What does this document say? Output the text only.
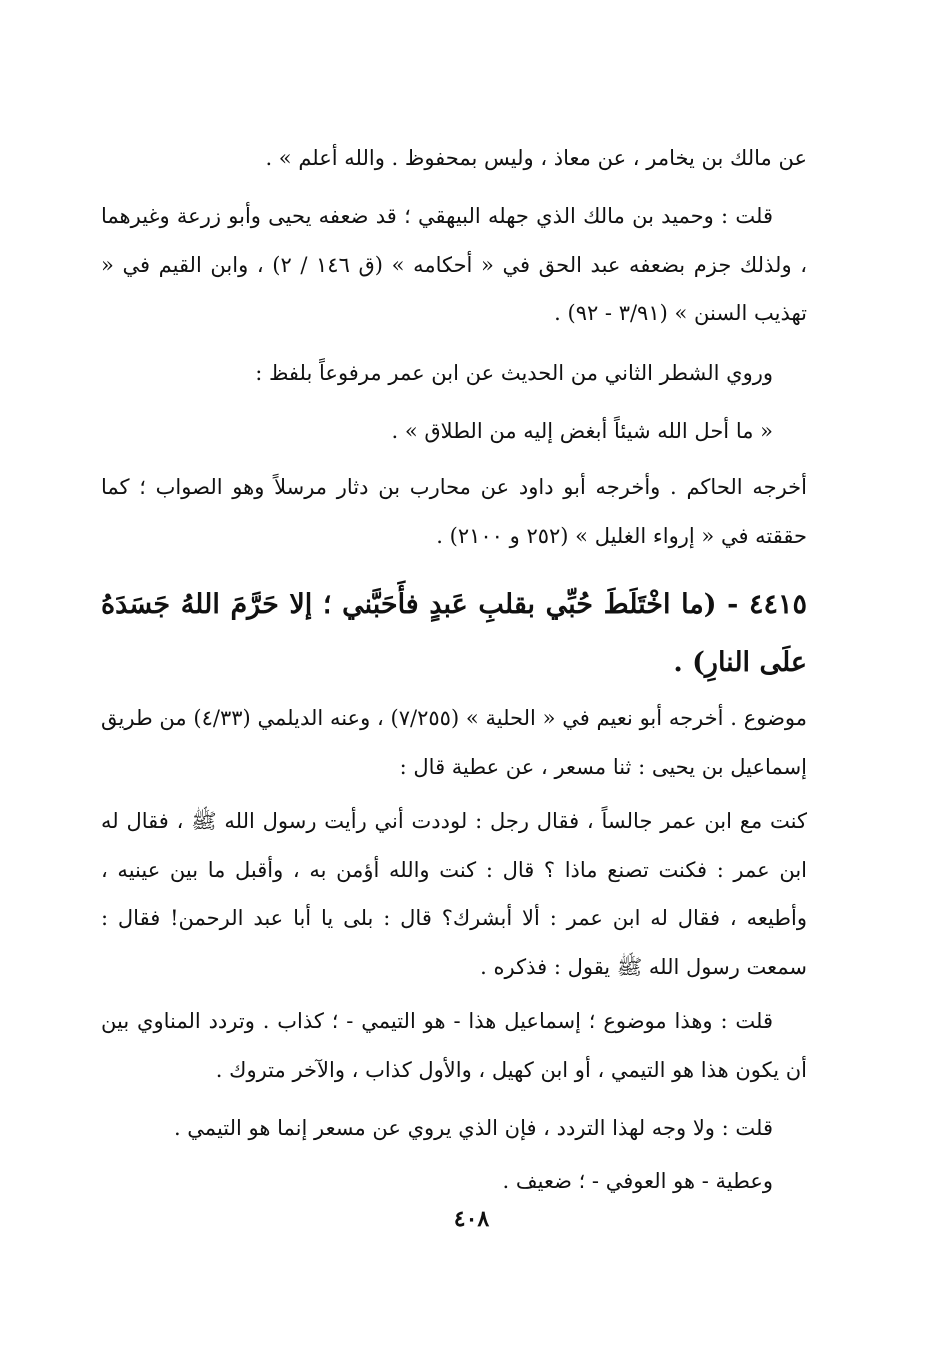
عن مالك بن يخامر ، عن معاذ ، وليس بمحفوظ . والله أعلم » .
قلت : وحميد بن مالك الذي جهله البيهقي ؛ قد ضعفه يحيى وأبو زرعة وغيرهما ، ولذلك جزم بضعفه عبد الحق في « أحكامه » (ق ١٤٦ / ٢) ، وابن القيم في « تهذيب السنن » (٣/٩١ - ٩٢) .
وروي الشطر الثاني من الحديث عن ابن عمر مرفوعاً بلفظ :
« ما أحل الله شيئاً أبغض إليه من الطلاق » .
أخرجه الحاكم . وأخرجه أبو داود عن محارب بن دثار مرسلاً وهو الصواب ؛ كما حققته في « إرواء الغليل » (٢٥٢ و ٢١٠٠) .
٤٤١٥ - (ما اخْتَلَطَ حُبِّي بقلبِ عَبدٍ فأَحَبَّني ؛ إلا حَرَّمَ اللهُ جَسَدَهُ علَى النارِ) .
موضوع . أخرجه أبو نعيم في « الحلية » (٧/٢٥٥) ، وعنه الديلمي (٤/٣٣) من طريق إسماعيل بن يحيى : ثنا مسعر ، عن عطية قال :
كنت مع ابن عمر جالساً ، فقال رجل : لوددت أني رأيت رسول الله ﷺ ، فقال له ابن عمر : فكنت تصنع ماذا ؟ قال : كنت والله أؤمن به ، وأقبل ما بين عينيه ، وأطيعه ، فقال له ابن عمر : ألا أبشرك؟ قال : بلى يا أبا عبد الرحمن! فقال : سمعت رسول الله ﷺ يقول : فذكره .
قلت : وهذا موضوع ؛ إسماعيل هذا - هو التيمي - ؛ كذاب . وتردد المناوي بين أن يكون هذا هو التيمي ، أو ابن كهيل ، والأول كذاب ، والآخر متروك .
قلت : ولا وجه لهذا التردد ، فإن الذي يروي عن مسعر إنما هو التيمي .
وعطية - هو العوفي - ؛ ضعيف .
٤٠٨
